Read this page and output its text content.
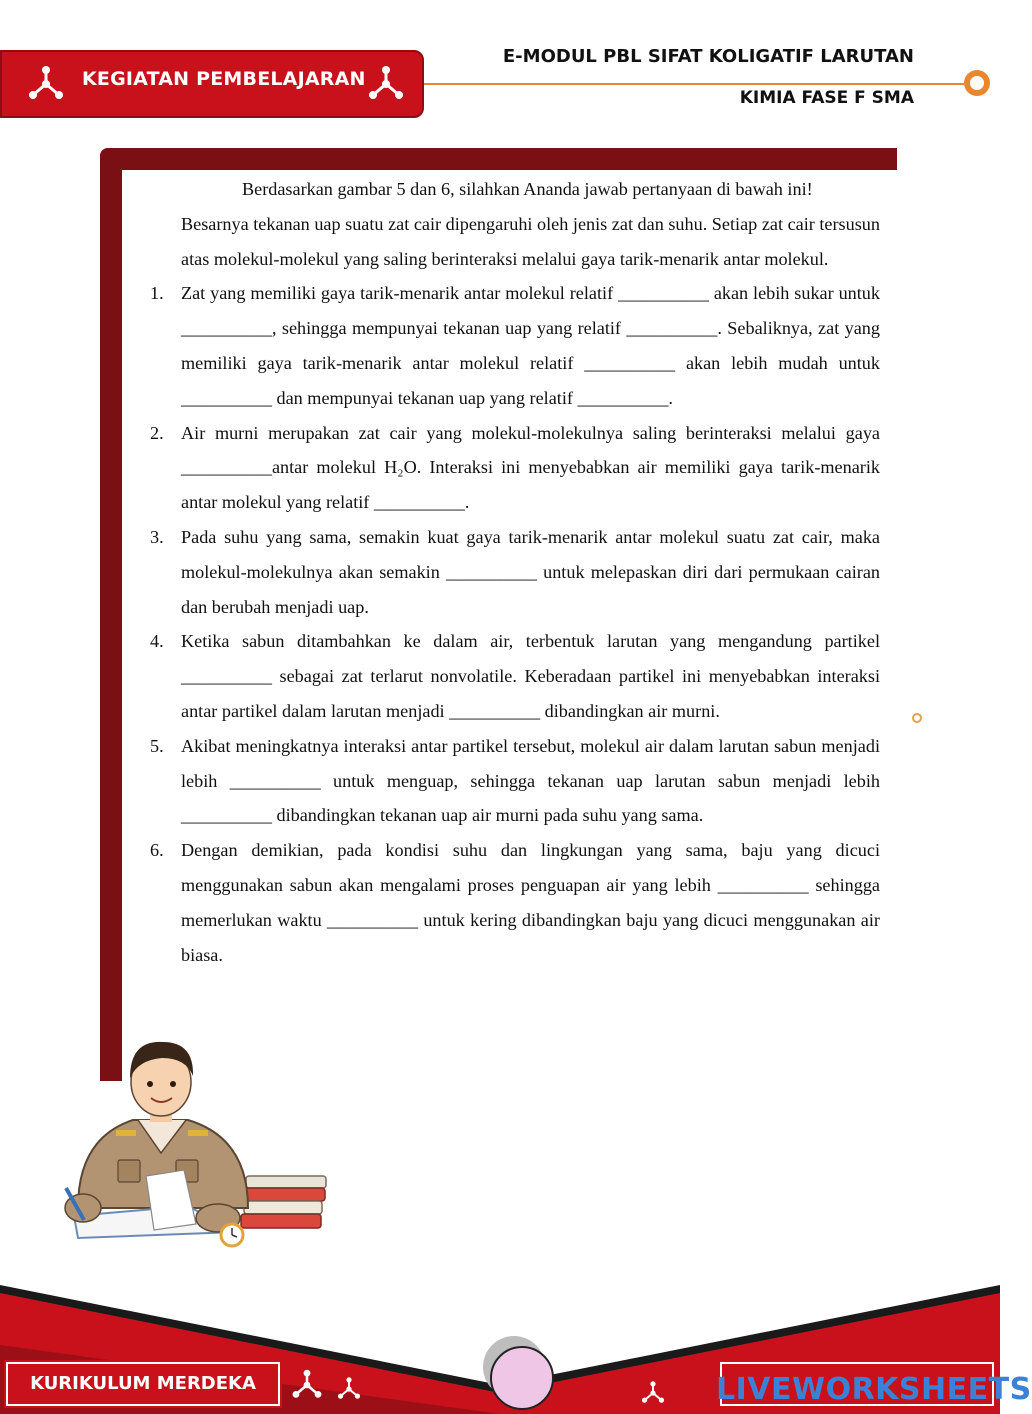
KEGIATAN PEMBELAJARAN
E-MODUL PBL SIFAT KOLIGATIF LARUTAN
KIMIA FASE F SMA

Berdasarkan gambar 5 dan 6, silahkan Ananda jawab pertanyaan di bawah ini!

Besarnya tekanan uap suatu zat cair dipengaruhi oleh jenis zat dan suhu. Setiap zat cair tersusun atas molekul-molekul yang saling berinteraksi melalui gaya tarik-menarik antar molekul.

1. Zat yang memiliki gaya tarik-menarik antar molekul relatif __________ akan lebih sukar untuk __________, sehingga mempunyai tekanan uap yang relatif __________. Sebaliknya, zat yang memiliki gaya tarik-menarik antar molekul relatif __________ akan lebih mudah untuk __________ dan mempunyai tekanan uap yang relatif __________.
2. Air murni merupakan zat cair yang molekul-molekulnya saling berinteraksi melalui gaya __________antar molekul H₂O. Interaksi ini menyebabkan air memiliki gaya tarik-menarik antar molekul yang relatif __________.
3. Pada suhu yang sama, semakin kuat gaya tarik-menarik antar molekul suatu zat cair, maka molekul-molekulnya akan semakin __________ untuk melepaskan diri dari permukaan cairan dan berubah menjadi uap.
4. Ketika sabun ditambahkan ke dalam air, terbentuk larutan yang mengandung partikel __________ sebagai zat terlarut nonvolatile. Keberadaan partikel ini menyebabkan interaksi antar partikel dalam larutan menjadi __________ dibandingkan air murni.
5. Akibat meningkatnya interaksi antar partikel tersebut, molekul air dalam larutan sabun menjadi lebih __________ untuk menguap, sehingga tekanan uap larutan sabun menjadi lebih __________ dibandingkan tekanan uap air murni pada suhu yang sama.
6. Dengan demikian, pada kondisi suhu dan lingkungan yang sama, baju yang dicuci menggunakan sabun akan mengalami proses penguapan air yang lebih __________ sehingga memerlukan waktu __________ untuk kering dibandingkan baju yang dicuci menggunakan air biasa.
KURIKULUM MERDEKA	LIVEWORKSHEETS
